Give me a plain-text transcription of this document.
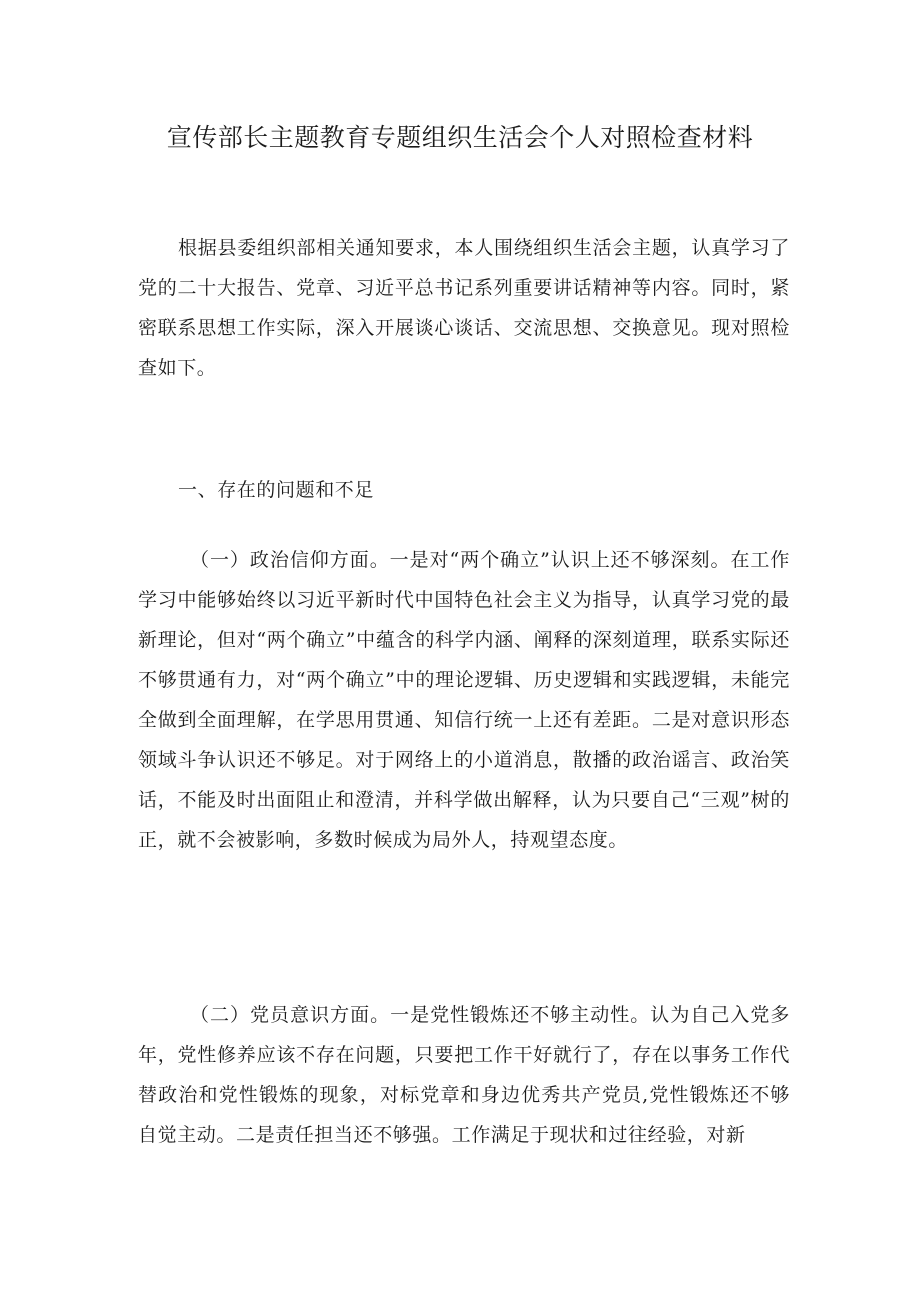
宣传部长主题教育专题组织生活会个人对照检查材料

根据县委组织部相关通知要求，本人围绕组织生活会主题，认真学习了党的二十大报告、党章、习近平总书记系列重要讲话精神等内容。同时，紧密联系思想工作实际，深入开展谈心谈话、交流思想、交换意见。现对照检查如下。

一、存在的问题和不足

（一）政治信仰方面。一是对“两个确立”认识上还不够深刻。在工作学习中能够始终以习近平新时代中国特色社会主义为指导，认真学习党的最新理论，但对“两个确立”中蕴含的科学内涵、阐释的深刻道理，联系实际还不够贯通有力，对“两个确立”中的理论逻辑、历史逻辑和实践逻辑，未能完全做到全面理解，在学思用贯通、知信行统一上还有差距。二是对意识形态领域斗争认识还不够足。对于网络上的小道消息，散播的政治谣言、政治笑话，不能及时出面阻止和澄清，并科学做出解释，认为只要自己“三观”树的正，就不会被影响，多数时候成为局外人，持观望态度。

（二）党员意识方面。一是党性锻炼还不够主动性。认为自己入党多年，党性修养应该不存在问题，只要把工作干好就行了，存在以事务工作代替政治和党性锻炼的现象，对标党章和身边优秀共产党员,党性锻炼还不够自觉主动。二是责任担当还不够强。工作满足于现状和过往经验，对新
